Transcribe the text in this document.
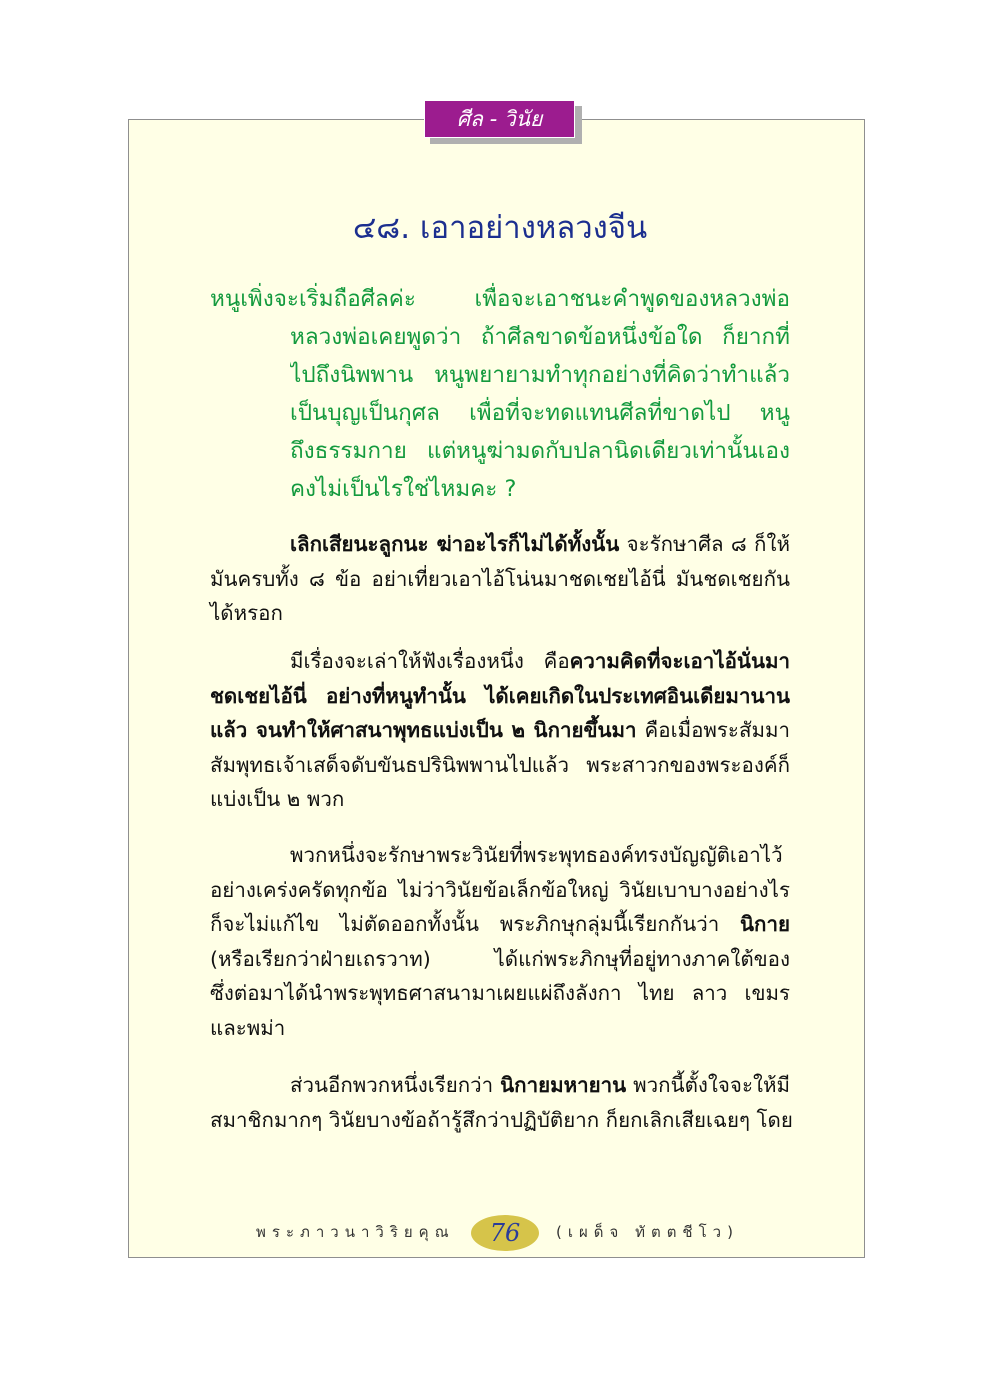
ศีล - วินัย
๔๘. เอาอย่างหลวงจีน

หนูเพิ่งจะเริ่มถือศีลค่ะ เพื่อจะเอาชนะคำพูดของหลวงพ่อ

หลวงพ่อเคยพูดว่า ถ้าศีลขาดข้อหนึ่งข้อใด ก็ยากที่

ไปถึงนิพพาน หนูพยายามทำทุกอย่างที่คิดว่าทำแล้ว

เป็นบุญเป็นกุศล เพื่อที่จะทดแทนศีลที่ขาดไป หนู

ถึงธรรมกาย แต่หนูฆ่ามดกับปลานิดเดียวเท่านั้นเอง

คงไม่เป็นไรใช่ไหมคะ ?

เลิกเสียนะลูกนะ ฆ่าอะไรก็ไม่ได้ทั้งนั้น จะรักษาศีล ๘ ก็ให้

มันครบทั้ง ๘ ข้อ อย่าเที่ยวเอาไอ้โน่นมาชดเชยไอ้นี่ มันชดเชยกัน

ได้หรอก

มีเรื่องจะเล่าให้ฟังเรื่องหนึ่ง คือความคิดที่จะเอาไอ้นั่นมา

ชดเชยไอ้นี่ อย่างที่หนูทำนั้น ได้เคยเกิดในประเทศอินเดียมานาน

แล้ว จนทำให้ศาสนาพุทธแบ่งเป็น ๒ นิกายขึ้นมา คือเมื่อพระสัมมา

สัมพุทธเจ้าเสด็จดับขันธปรินิพพานไปแล้ว พระสาวกของพระองค์ก็

แบ่งเป็น ๒ พวก

พวกหนึ่งจะรักษาพระวินัยที่พระพุทธองค์ทรงบัญญัติเอาไว้

อย่างเคร่งครัดทุกข้อ ไม่ว่าวินัยข้อเล็กข้อใหญ่ วินัยเบาบางอย่างไร

ก็จะไม่แก้ไข ไม่ตัดออกทั้งนั้น พระภิกษุกลุ่มนี้เรียกกันว่า นิกาย

(หรือเรียกว่าฝ่ายเถรวาท) ได้แก่พระภิกษุที่อยู่ทางภาคใต้ของ

ซึ่งต่อมาได้นำพระพุทธศาสนามาเผยแผ่ถึงลังกา ไทย ลาว เขมร

และพม่า

ส่วนอีกพวกหนึ่งเรียกว่า นิกายมหายาน พวกนี้ตั้งใจจะให้มี

สมาชิกมากๆ วินัยบางข้อถ้ารู้สึกว่าปฏิบัติยาก ก็ยกเลิกเสียเฉยๆ โดย

76

พระภาวนาวิริยคุณ	(เผด็จ ทัตตชีโว)
